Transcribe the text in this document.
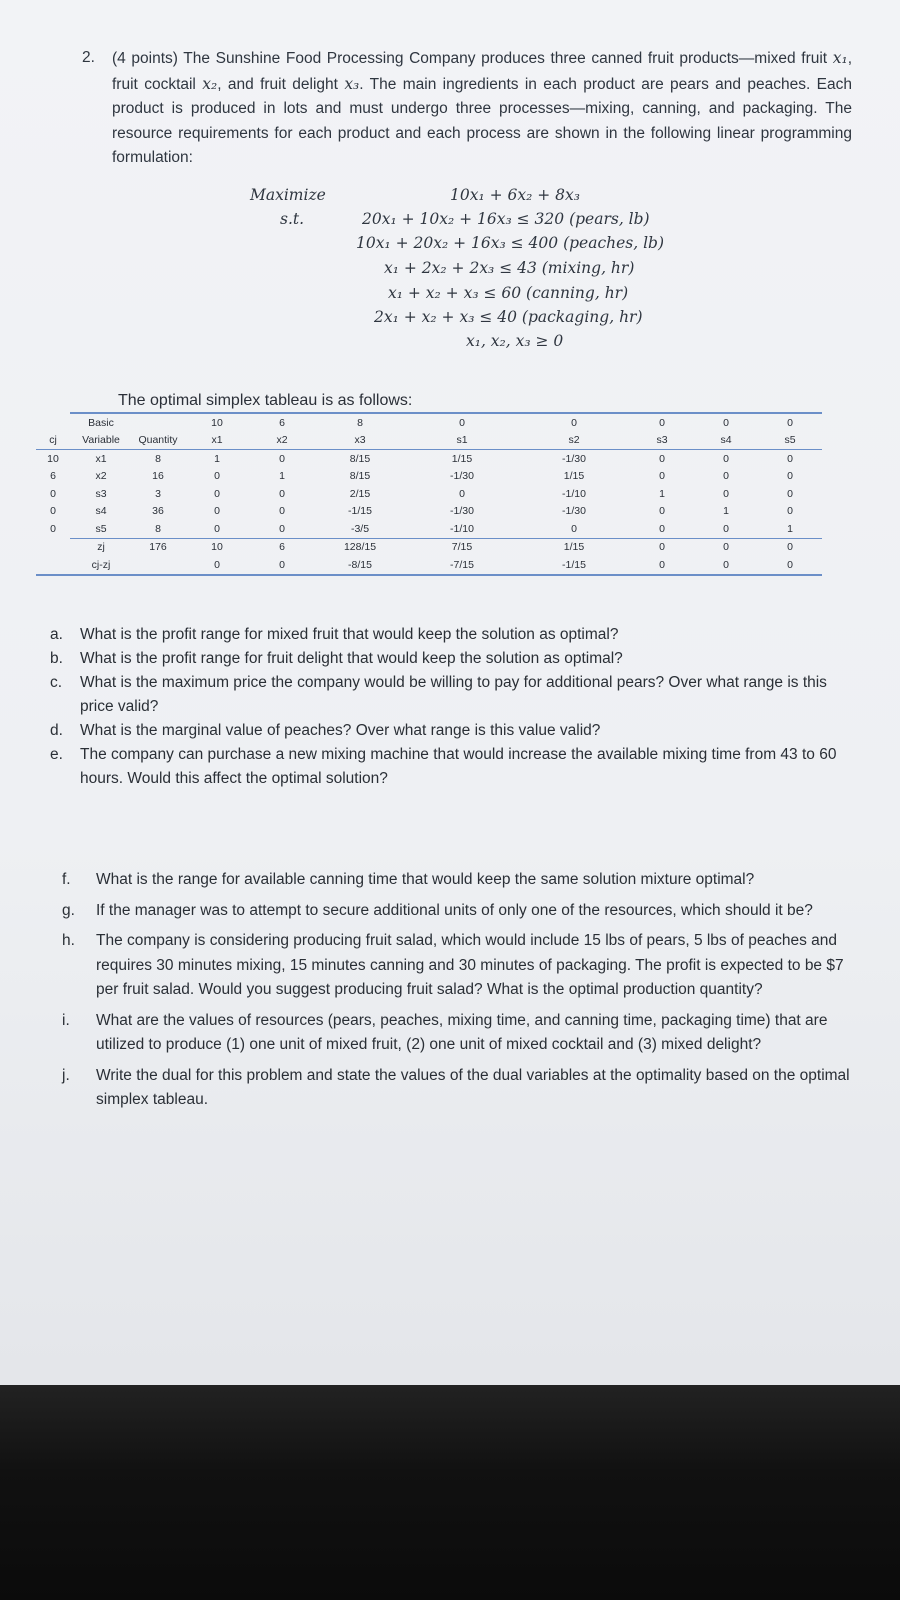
2. (4 points) The Sunshine Food Processing Company produces three canned fruit products—mixed fruit x₁, fruit cocktail x₂, and fruit delight x₃. The main ingredients in each product are pears and peaches. Each product is produced in lots and must undergo three processes—mixing, canning, and packaging. The resource requirements for each product and each process are shown in the following linear programming formulation:
Maximize	10x₁ + 6x₂ + 8x₃
s.t.	20x₁ + 10x₂ + 16x₃ ≤ 320 (pears, lb)
10x₁ + 20x₂ + 16x₃ ≤ 400 (peaches, lb)
x₁ + 2x₂ + 2x₃ ≤ 43 (mixing, hr)
x₁ + x₂ + x₃ ≤ 60 (canning, hr)
2x₁ + x₂ + x₃ ≤ 40 (packaging, hr)
x₁, x₂, x₃ ≥ 0
The optimal simplex tableau is as follows:
	Basic		10	6	8	0	0	0	0	0
cj	Variable	Quantity	x1	x2	x3	s1	s2	s3	s4	s5
10	x1	8	1	0	8/15	1/15	-1/30	0	0	0
6	x2	16	0	1	8/15	-1/30	1/15	0	0	0
0	s3	3	0	0	2/15	0	-1/10	1	0	0
0	s4	36	0	0	-1/15	-1/30	-1/30	0	1	0
0	s5	8	0	0	-3/5	-1/10	0	0	0	1
	zj	176	10	6	128/15	7/15	1/15	0	0	0
	cj-zj		0	0	-8/15	-7/15	-1/15	0	0	0
a. What is the profit range for mixed fruit that would keep the solution as optimal?
b. What is the profit range for fruit delight that would keep the solution as optimal?
c. What is the maximum price the company would be willing to pay for additional pears? Over what range is this price valid?
d. What is the marginal value of peaches? Over what range is this value valid?
e. The company can purchase a new mixing machine that would increase the available mixing time from 43 to 60 hours. Would this affect the optimal solution?
f. What is the range for available canning time that would keep the same solution mixture optimal?
g. If the manager was to attempt to secure additional units of only one of the resources, which should it be?
h. The company is considering producing fruit salad, which would include 15 lbs of pears, 5 lbs of peaches and requires 30 minutes mixing, 15 minutes canning and 30 minutes of packaging. The profit is expected to be $7 per fruit salad. Would you suggest producing fruit salad? What is the optimal production quantity?
i. What are the values of resources (pears, peaches, mixing time, and canning time, packaging time) that are utilized to produce (1) one unit of mixed fruit, (2) one unit of mixed cocktail and (3) mixed delight?
j. Write the dual for this problem and state the values of the dual variables at the optimality based on the optimal simplex tableau.
